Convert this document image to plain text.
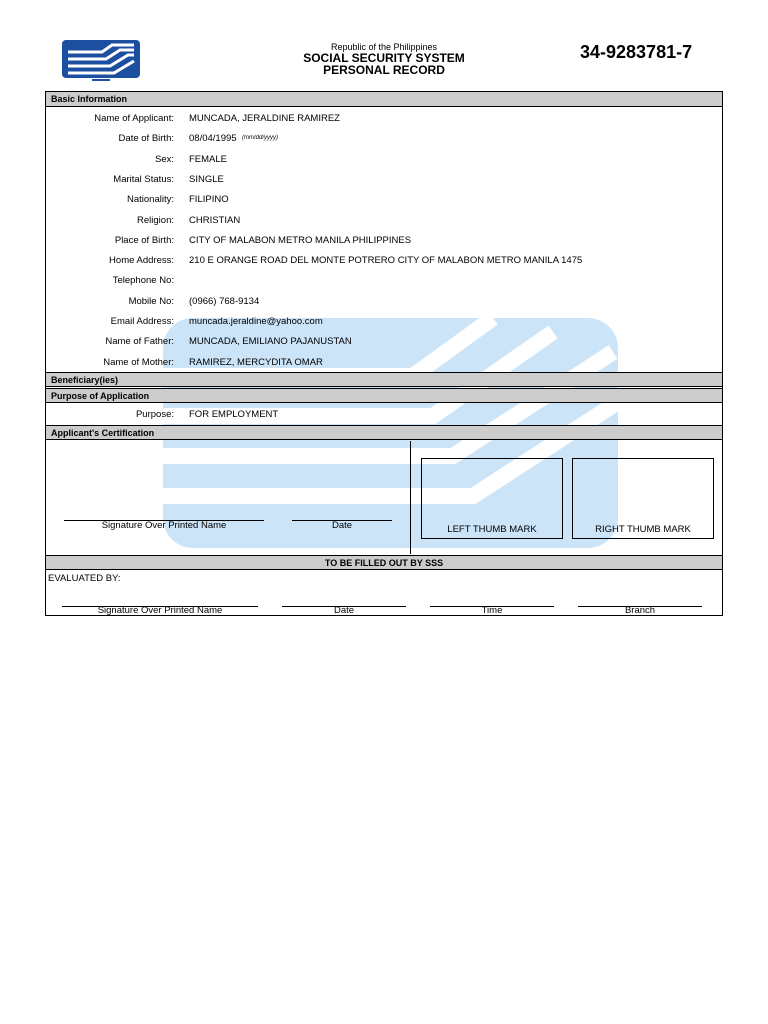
Republic of the Philippines
SOCIAL SECURITY SYSTEM
PERSONAL RECORD
34-9283781-7
Basic Information
Name of Applicant: MUNCADA, JERALDINE RAMIREZ
Date of Birth: 08/04/1995 (mm/dd/yyyy)
Sex: FEMALE
Marital Status: SINGLE
Nationality: FILIPINO
Religion: CHRISTIAN
Place of Birth: CITY OF MALABON METRO MANILA PHILIPPINES
Home Address: 210 E ORANGE ROAD DEL MONTE POTRERO CITY OF MALABON METRO MANILA 1475
Telephone No:
Mobile No: (0966) 768-9134
Email Address: muncada.jeraldine@yahoo.com
Name of Father: MUNCADA, EMILIANO PAJANUSTAN
Name of Mother: RAMIREZ, MERCYDITA OMAR
Beneficiary(ies)
Purpose of Application
Purpose: FOR EMPLOYMENT
Applicant's Certification
Signature Over Printed Name	Date	LEFT THUMB MARK	RIGHT THUMB MARK
TO BE FILLED OUT BY SSS
EVALUATED BY:
Signature Over Printed Name	Date	Time	Branch
